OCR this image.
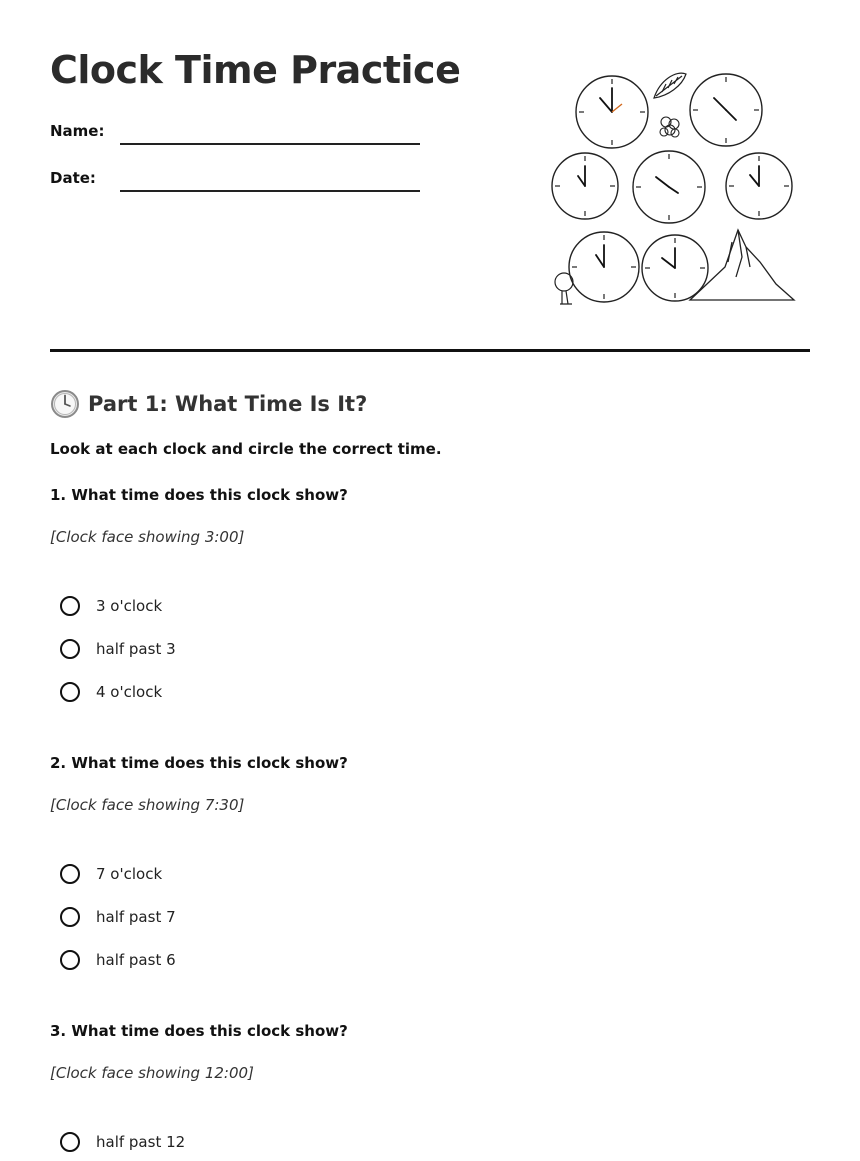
Clock Time Practice
Name:
Date:
Part 1: What Time Is It?
Look at each clock and circle the correct time.
1. What time does this clock show?
[Clock face showing 3:00]
3 o'clock
half past 3
4 o'clock
2. What time does this clock show?
[Clock face showing 7:30]
7 o'clock
half past 7
half past 6
3. What time does this clock show?
[Clock face showing 12:00]
half past 12
